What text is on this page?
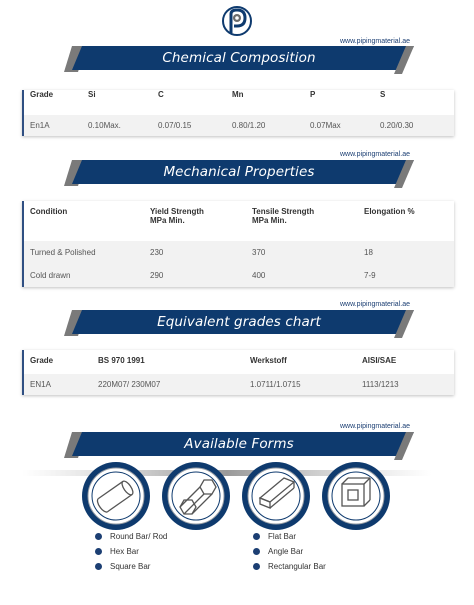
www.pipingmaterial.ae
Chemical Composition
Grade	Si	C	Mn	P	S
En1A	0.10Max.	0.07/0.15	0.80/1.20	0.07Max	0.20/0.30
www.pipingmaterial.ae
Mechanical Properties
Condition	Yield Strength MPa Min.	Tensile Strength MPa Min.	Elongation %
Turned & Polished	230	370	18
Cold drawn	290	400	7-9
www.pipingmaterial.ae
Equivalent grades chart
Grade	BS 970 1991	Werkstoff	AISI/SAE
EN1A	220M07/ 230M07	1.0711/1.0715	1113/1213
www.pipingmaterial.ae
Available Forms
Round Bar/ Rod
Hex Bar
Square Bar
Flat Bar
Angle Bar
Rectangular Bar
